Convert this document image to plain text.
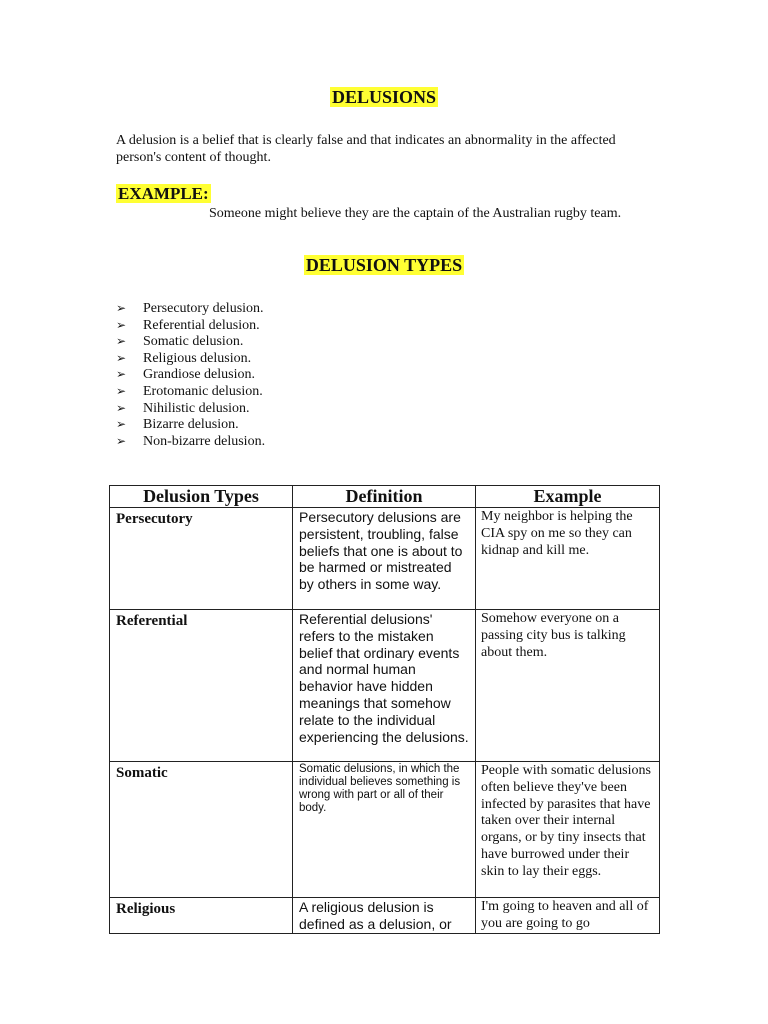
DELUSIONS
A delusion is a belief that is clearly false and that indicates an abnormality in the affected person's content of thought.
EXAMPLE:
Someone might believe they are the captain of the Australian rugby team.
DELUSION TYPES
➢ Persecutory delusion.
➢ Referential delusion.
➢ Somatic delusion.
➢ Religious delusion.
➢ Grandiose delusion.
➢ Erotomanic delusion.
➢ Nihilistic delusion.
➢ Bizarre delusion.
➢ Non-bizarre delusion.
Delusion Types	Definition	Example
Persecutory	Persecutory delusions are persistent, troubling, false beliefs that one is about to be harmed or mistreated by others in some way.	My neighbor is helping the CIA spy on me so they can kidnap and kill me.
Referential	Referential delusions' refers to the mistaken belief that ordinary events and normal human behavior have hidden meanings that somehow relate to the individual experiencing the delusions.	Somehow everyone on a passing city bus is talking about them.
Somatic	Somatic delusions, in which the individual believes something is wrong with part or all of their body.	People with somatic delusions often believe they've been infected by parasites that have taken over their internal organs, or by tiny insects that have burrowed under their skin to lay their eggs.
Religious	A religious delusion is defined as a delusion, or	I'm going to heaven and all of you are going to go
